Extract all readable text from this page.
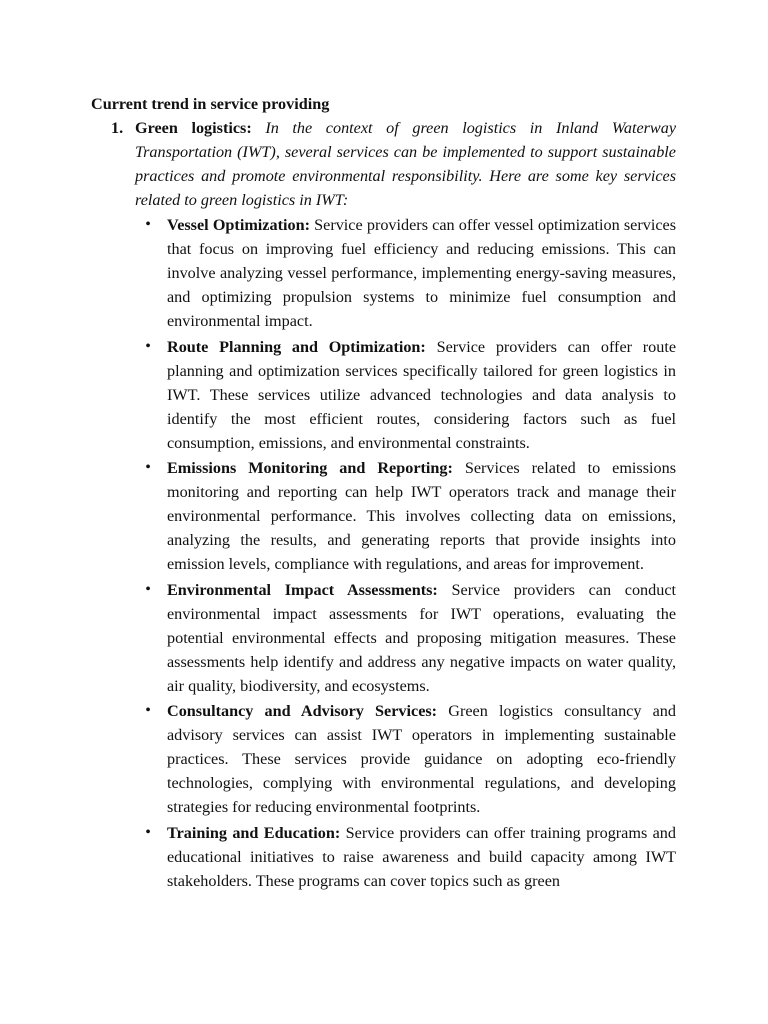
Current trend in service providing
1. Green logistics: In the context of green logistics in Inland Waterway Transportation (IWT), several services can be implemented to support sustainable practices and promote environmental responsibility. Here are some key services related to green logistics in IWT:
• Vessel Optimization: Service providers can offer vessel optimization services that focus on improving fuel efficiency and reducing emissions. This can involve analyzing vessel performance, implementing energy-saving measures, and optimizing propulsion systems to minimize fuel consumption and environmental impact.
• Route Planning and Optimization: Service providers can offer route planning and optimization services specifically tailored for green logistics in IWT. These services utilize advanced technologies and data analysis to identify the most efficient routes, considering factors such as fuel consumption, emissions, and environmental constraints.
• Emissions Monitoring and Reporting: Services related to emissions monitoring and reporting can help IWT operators track and manage their environmental performance. This involves collecting data on emissions, analyzing the results, and generating reports that provide insights into emission levels, compliance with regulations, and areas for improvement.
• Environmental Impact Assessments: Service providers can conduct environmental impact assessments for IWT operations, evaluating the potential environmental effects and proposing mitigation measures. These assessments help identify and address any negative impacts on water quality, air quality, biodiversity, and ecosystems.
• Consultancy and Advisory Services: Green logistics consultancy and advisory services can assist IWT operators in implementing sustainable practices. These services provide guidance on adopting eco-friendly technologies, complying with environmental regulations, and developing strategies for reducing environmental footprints.
• Training and Education: Service providers can offer training programs and educational initiatives to raise awareness and build capacity among IWT stakeholders. These programs can cover topics such as green
